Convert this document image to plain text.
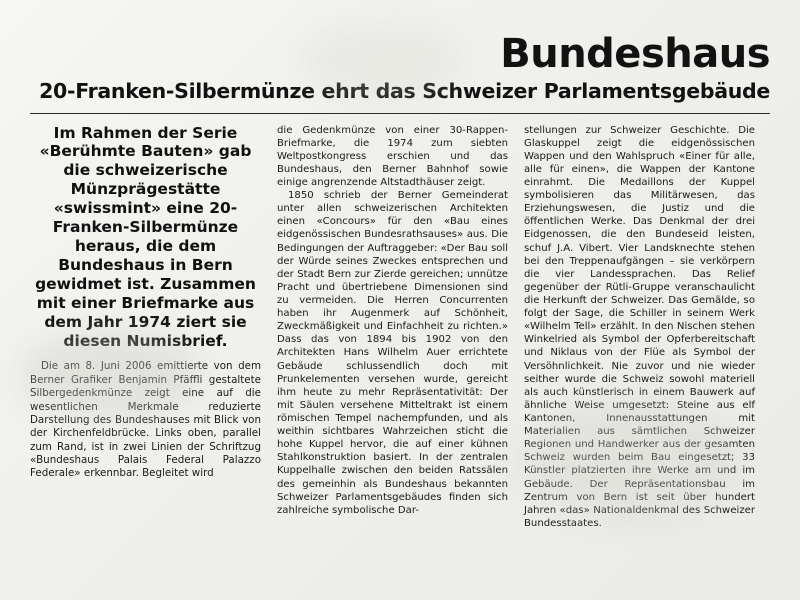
Bundeshaus
20-Franken-Silbermünze ehrt das Schweizer Parlamentsgebäude

Im Rahmen der Serie «Berühmte Bauten» gab die schweizerische Münzprägestätte «swissmint» eine 20-Franken-Silbermünze heraus, die dem Bundeshaus in Bern gewidmet ist. Zusammen mit einer Briefmarke aus dem Jahr 1974 ziert sie diesen Numisbrief.

Die am 8. Juni 2006 emittierte von dem Berner Grafiker Benjamin Pfäffli gestaltete Silbergedenkmünze zeigt eine auf die wesentlichen Merkmale reduzierte Darstellung des Bundeshauses mit Blick von der Kirchenfeldbrücke. Links oben, parallel zum Rand, ist in zwei Linien der Schriftzug «Bundeshaus Palais Federal Palazzo Federale» erkennbar. Begleitet wird

die Gedenkmünze von einer 30-Rappen-Briefmarke, die 1974 zum siebten Weltpostkongress erschien und das Bundeshaus, den Berner Bahnhof sowie einige angrenzende Altstadthäuser zeigt.

1850 schrieb der Berner Gemeinderat unter allen schweizerischen Architekten einen «Concours» für den «Bau eines eidgenössischen Bundesrathsauses» aus. Die Bedingungen der Auftraggeber: «Der Bau soll der Würde seines Zweckes entsprechen und der Stadt Bern zur Zierde gereichen; unnütze Pracht und übertriebene Dimensionen sind zu vermeiden. Die Herren Concurrenten haben ihr Augenmerk auf Schönheit, Zweckmäßigkeit und Einfachheit zu richten.» Dass das von 1894 bis 1902 von den Architekten Hans Wilhelm Auer errichtete Gebäude schlussendlich doch mit Prunkelementen versehen wurde, gereicht ihm heute zu mehr Repräsentativität: Der mit Säulen versehene Mitteltrakt ist einem römischen Tempel nachempfunden, und als weithin sichtbares Wahrzeichen sticht die hohe Kuppel hervor, die auf einer kühnen Stahlkonstruktion basiert. In der zentralen Kuppelhalle zwischen den beiden Ratssälen des gemeinhin als Bundeshaus bekannten Schweizer Parlamentsgebäudes finden sich zahlreiche symbolische Dar-

stellungen zur Schweizer Geschichte. Die Glaskuppel zeigt die eidgenössischen Wappen und den Wahlspruch «Einer für alle, alle für einen», die Wappen der Kantone einrahmt. Die Medaillons der Kuppel symbolisieren das Militärwesen, das Erziehungswesen, die Justiz und die öffentlichen Werke. Das Denkmal der drei Eidgenossen, die den Bundeseid leisten, schuf J.A. Vibert. Vier Landsknechte stehen bei den Treppenaufgängen – sie verkörpern die vier Landessprachen. Das Relief gegenüber der Rütli-Gruppe veranschaulicht die Herkunft der Schweizer. Das Gemälde, so folgt der Sage, die Schiller in seinem Werk «Wilhelm Tell» erzählt. In den Nischen stehen Winkelried als Symbol der Opferbereitschaft und Niklaus von der Flüe als Symbol der Versöhnlichkeit. Nie zuvor und nie wieder seither wurde die Schweiz sowohl materiell als auch künstlerisch in einem Bauwerk auf ähnliche Weise umgesetzt: Steine aus elf Kantonen, Innenausstattungen mit Materialien aus sämtlichen Schweizer Regionen und Handwerker aus der gesamten Schweiz wurden beim Bau eingesetzt; 33 Künstler platzierten ihre Werke am und im Gebäude. Der Repräsentationsbau im Zentrum von Bern ist seit über hundert Jahren «das» Nationaldenkmal des Schweizer Bundesstaates.
